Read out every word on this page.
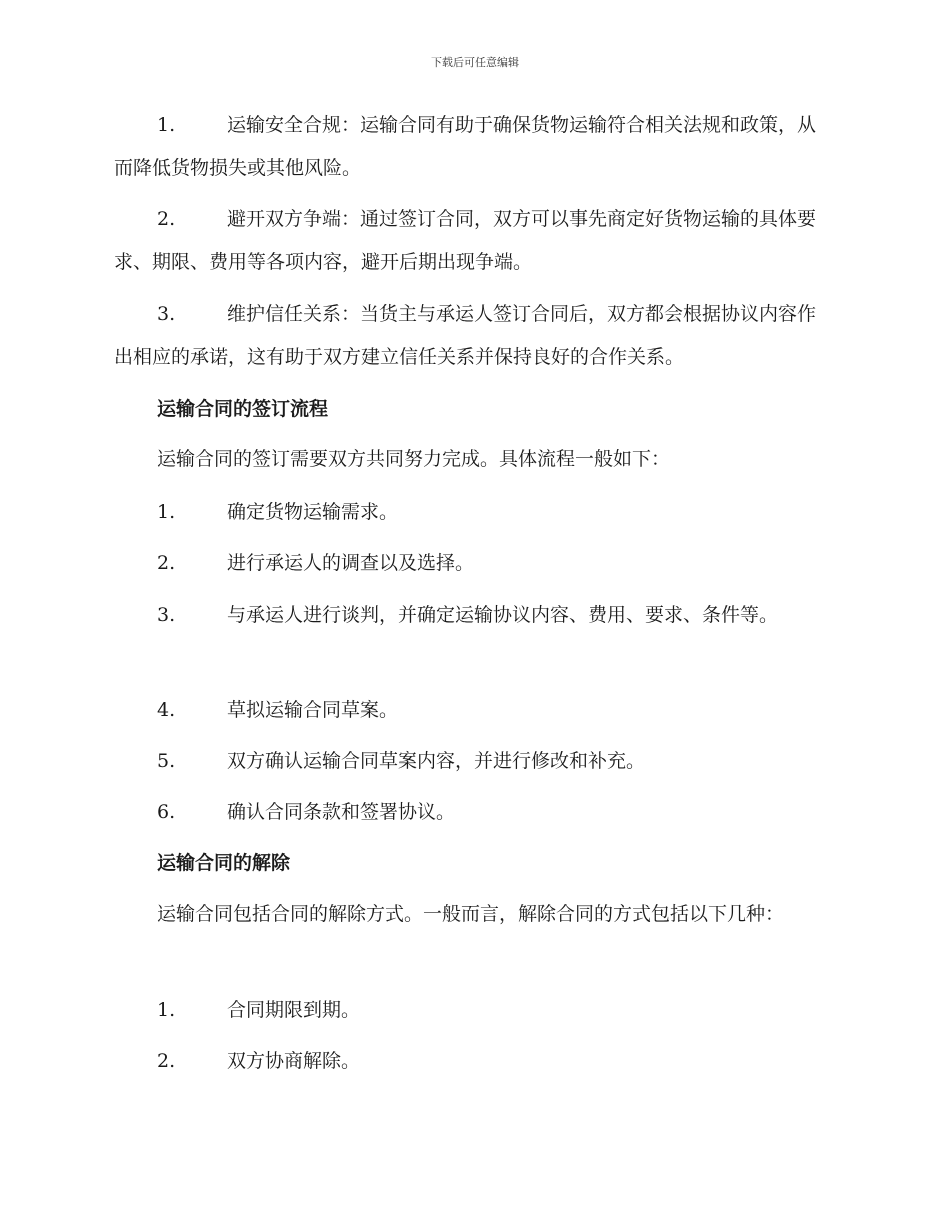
下载后可任意编辑

1.	运输安全合规：运输合同有助于确保货物运输符合相关法规和政策，从而降低货物损失或其他风险。

2.	避开双方争端：通过签订合同，双方可以事先商定好货物运输的具体要求、期限、费用等各项内容，避开后期出现争端。

3.	维护信任关系：当货主与承运人签订合同后，双方都会根据协议内容作出相应的承诺，这有助于双方建立信任关系并保持良好的合作关系。

运输合同的签订流程

运输合同的签订需要双方共同努力完成。具体流程一般如下：

1.	确定货物运输需求。

2.	进行承运人的调查以及选择。

3.	与承运人进行谈判，并确定运输协议内容、费用、要求、条件等。

4.	草拟运输合同草案。

5.	双方确认运输合同草案内容，并进行修改和补充。

6.	确认合同条款和签署协议。

运输合同的解除

运输合同包括合同的解除方式。一般而言，解除合同的方式包括以下几种：

1.	合同期限到期。

2.	双方协商解除。
